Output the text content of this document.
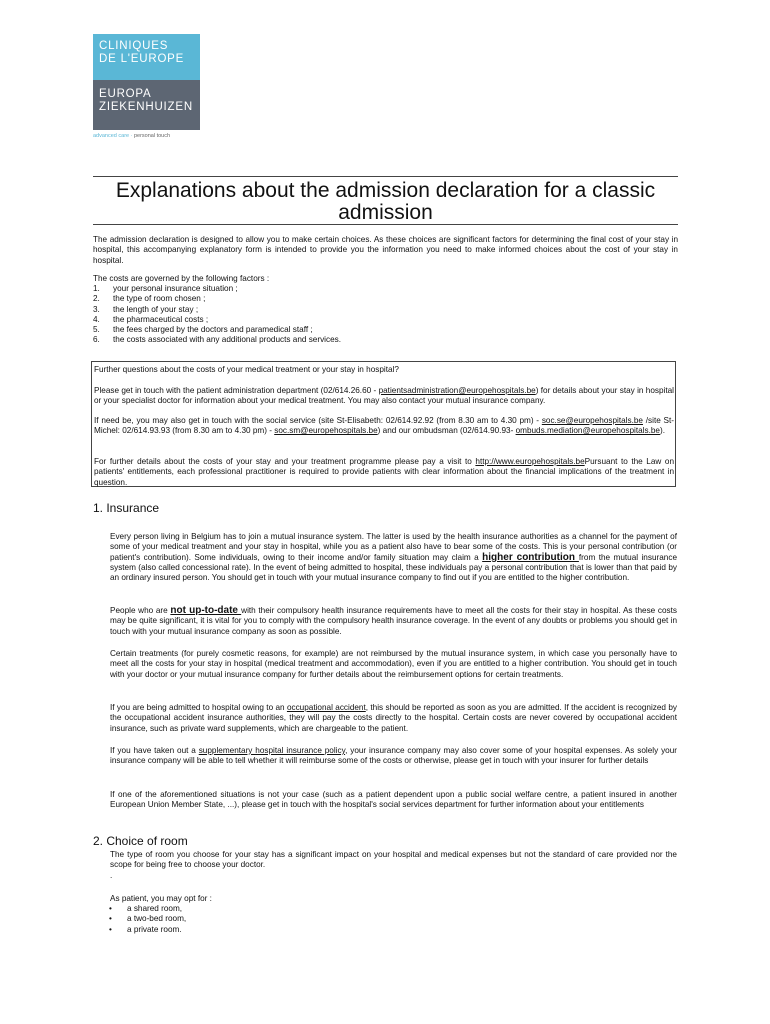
CLINIQUES
DE L'EUROPE
EUROPA
ZIEKENHUIZEN
advanced care · personal touch
Explanations about the admission declaration for a classic
admission

The admission declaration is designed to allow you to make certain choices. As these choices are significant factors for determining the final cost of your stay in hospital, this accompanying explanatory form is intended to provide you the information you need to make informed choices about the cost of your stay in hospital.

The costs are governed by the following factors :

1.	your personal insurance situation ;
2.	the type of room chosen ;
3.	the length of your stay ;
4.	the pharmaceutical costs ;
5.	the fees charged by the doctors and paramedical staff ;
6.	the costs associated with any additional products and services.

Further questions about the costs of your medical treatment or your stay in hospital?

Please get in touch with the patient administration department (02/614.26.60 - patientsadministration@europehospitals.be) for details about your stay in hospital or your specialist doctor for information about your medical treatment. You may also contact your mutual insurance company.

If need be, you may also get in touch with the social service (site St-Elisabeth: 02/614.92.92 (from 8.30 am to 4.30 pm) - soc.se@europehospitals.be /site St-Michel: 02/614.93.93 (from 8.30 am to 4.30 pm) - soc.sm@europehospitals.be) and our ombudsman (02/614.90.93- ombuds.mediation@europehospitals.be).

For further details about the costs of your stay and your treatment programme please pay a visit to http://www.europehospitals.bePursuant to the Law on patients' entitlements, each professional practitioner is required to provide patients with clear information about the financial implications of the treatment in question.

1. Insurance

Every person living in Belgium has to join a mutual insurance system. The latter is used by the health insurance authorities as a channel for the payment of some of your medical treatment and your stay in hospital, while you as a patient also have to bear some of the costs. This is your personal contribution (or patient's contribution). Some individuals, owing to their income and/or family situation may claim a higher contribution from the mutual insurance system (also called concessional rate). In the event of being admitted to hospital, these individuals pay a personal contribution that is lower than that paid by an ordinary insured person. You should get in touch with your mutual insurance company to find out if you are entitled to the higher contribution.

People who are not up-to-date with their compulsory health insurance requirements have to meet all the costs for their stay in hospital. As these costs may be quite significant, it is vital for you to comply with the compulsory health insurance coverage. In the event of any doubts or problems you should get in touch with your mutual insurance company as soon as possible.

Certain treatments (for purely cosmetic reasons, for example) are not reimbursed by the mutual insurance system, in which case you personally have to meet all the costs for your stay in hospital (medical treatment and accommodation), even if you are entitled to a higher contribution. You should get in touch with your doctor or your mutual insurance company for further details about the reimbursement options for certain treatments.

If you are being admitted to hospital owing to an occupational accident, this should be reported as soon as you are admitted. If the accident is recognized by the occupational accident insurance authorities, they will pay the costs directly to the hospital. Certain costs are never covered by occupational accident insurance, such as private ward supplements, which are chargeable to the patient.

If you have taken out a supplementary hospital insurance policy, your insurance company may also cover some of your hospital expenses. As solely your insurance company will be able to tell whether it will reimburse some of the costs or otherwise, please get in touch with your insurer for further details

If one of the aforementioned situations is not your case (such as a patient dependent upon a public social welfare centre, a patient insured in another European Union Member State, ...), please get in touch with the hospital's social services department for further information about your entitlements

2. Choice of room

The type of room you choose for your stay has a significant impact on your hospital and medical expenses but not the standard of care provided nor the scope for being free to choose your doctor.

.

As patient, you may opt for :

•	a shared room,
•	a two-bed room,
•	a private room.
